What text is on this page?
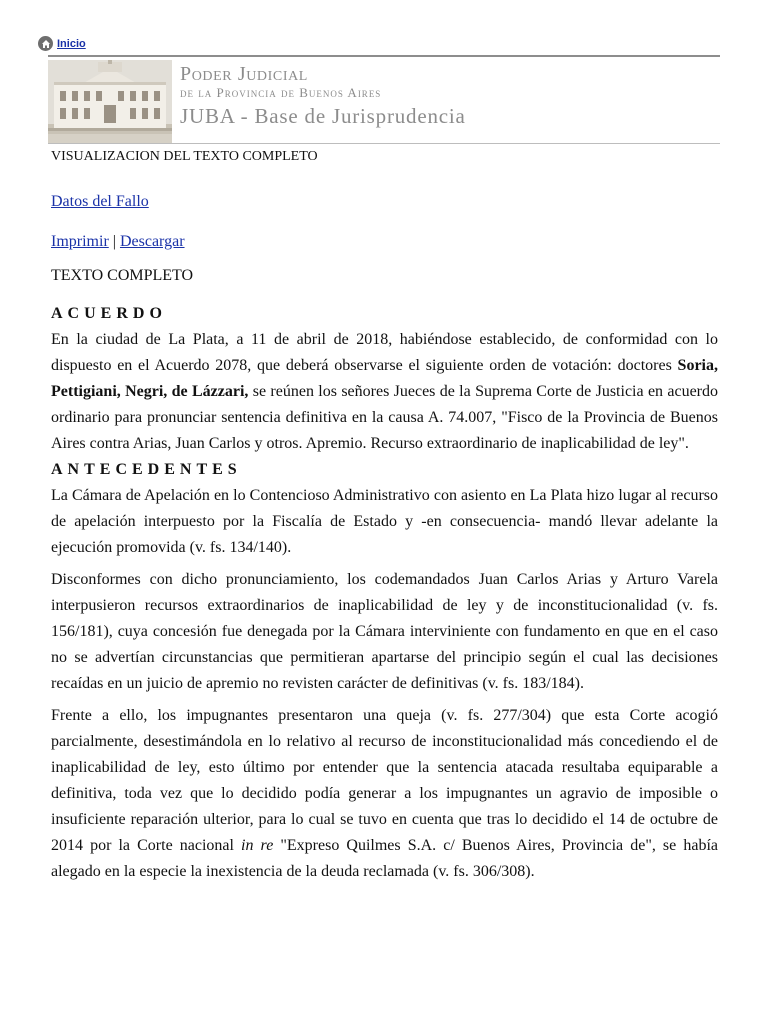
Inicio
Poder Judicial
de la Provincia de Buenos Aires
JUBA - Base de Jurisprudencia
VISUALIZACION DEL TEXTO COMPLETO
Datos del Fallo
Imprimir | Descargar
TEXTO COMPLETO

ACUERDO

En la ciudad de La Plata, a 11 de abril de 2018, habiéndose establecido, de conformidad con lo dispuesto en el Acuerdo 2078, que deberá observarse el siguiente orden de votación: doctores Soria, Pettigiani, Negri, de Lázzari, se reúnen los señores Jueces de la Suprema Corte de Justicia en acuerdo ordinario para pronunciar sentencia definitiva en la causa A. 74.007, "Fisco de la Provincia de Buenos Aires contra Arias, Juan Carlos y otros. Apremio. Recurso extraordinario de inaplicabilidad de ley".

ANTECEDENTES

La Cámara de Apelación en lo Contencioso Administrativo con asiento en La Plata hizo lugar al recurso de apelación interpuesto por la Fiscalía de Estado y -en consecuencia- mandó llevar adelante la ejecución promovida (v. fs. 134/140).

Disconformes con dicho pronunciamiento, los codemandados Juan Carlos Arias y Arturo Varela interpusieron recursos extraordinarios de inaplicabilidad de ley y de inconstitucionalidad (v. fs. 156/181), cuya concesión fue denegada por la Cámara interviniente con fundamento en que en el caso no se advertían circunstancias que permitieran apartarse del principio según el cual las decisiones recaídas en un juicio de apremio no revisten carácter de definitivas (v. fs. 183/184).

Frente a ello, los impugnantes presentaron una queja (v. fs. 277/304) que esta Corte acogió parcialmente, desestimándola en lo relativo al recurso de inconstitucionalidad más concediendo el de inaplicabilidad de ley, esto último por entender que la sentencia atacada resultaba equiparable a definitiva, toda vez que lo decidido podía generar a los impugnantes un agravio de imposible o insuficiente reparación ulterior, para lo cual se tuvo en cuenta que tras lo decidido el 14 de octubre de 2014 por la Corte nacional in re "Expreso Quilmes S.A. c/ Buenos Aires, Provincia de", se había alegado en la especie la inexistencia de la deuda reclamada (v. fs. 306/308).
